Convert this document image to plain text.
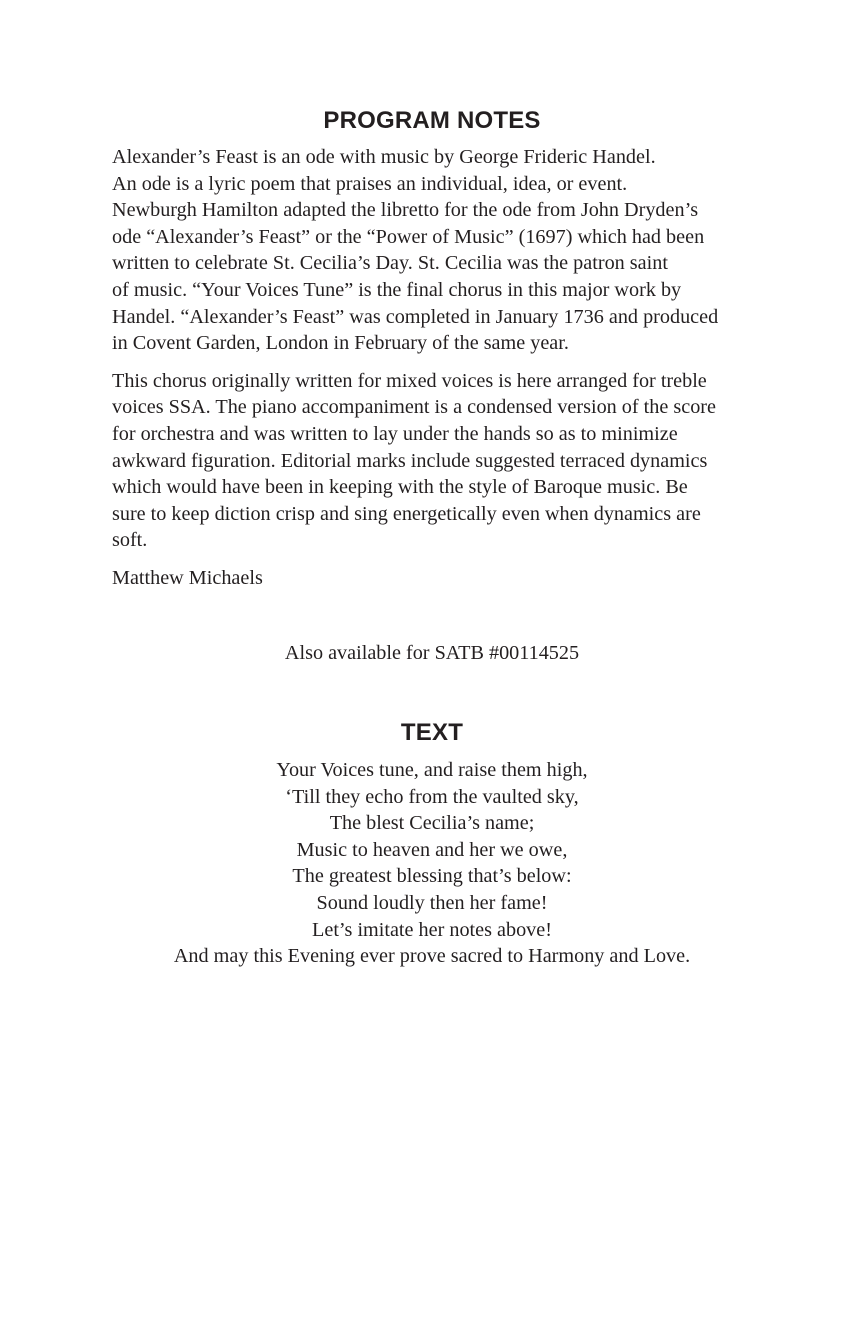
PROGRAM NOTES

Alexander’s Feast is an ode with music by George Frideric Handel.
An ode is a lyric poem that praises an individual, idea, or event.
Newburgh Hamilton adapted the libretto for the ode from John Dryden’s
ode “Alexander’s Feast” or the “Power of Music” (1697) which had been
written to celebrate St. Cecilia’s Day. St. Cecilia was the patron saint
of music. “Your Voices Tune” is the final chorus in this major work by
Handel. “Alexander’s Feast” was completed in January 1736 and produced
in Covent Garden, London in February of the same year.

This chorus originally written for mixed voices is here arranged for treble
voices SSA. The piano accompaniment is a condensed version of the score
for orchestra and was written to lay under the hands so as to minimize
awkward figuration. Editorial marks include suggested terraced dynamics
which would have been in keeping with the style of Baroque music. Be
sure to keep diction crisp and sing energetically even when dynamics are
soft.

Matthew Michaels

Also available for SATB #00114525
TEXT
Your Voices tune, and raise them high,
‘Till they echo from the vaulted sky,
The blest Cecilia’s name;
Music to heaven and her we owe,
The greatest blessing that’s below:
Sound loudly then her fame!
Let’s imitate her notes above!
And may this Evening ever prove sacred to Harmony and Love.
